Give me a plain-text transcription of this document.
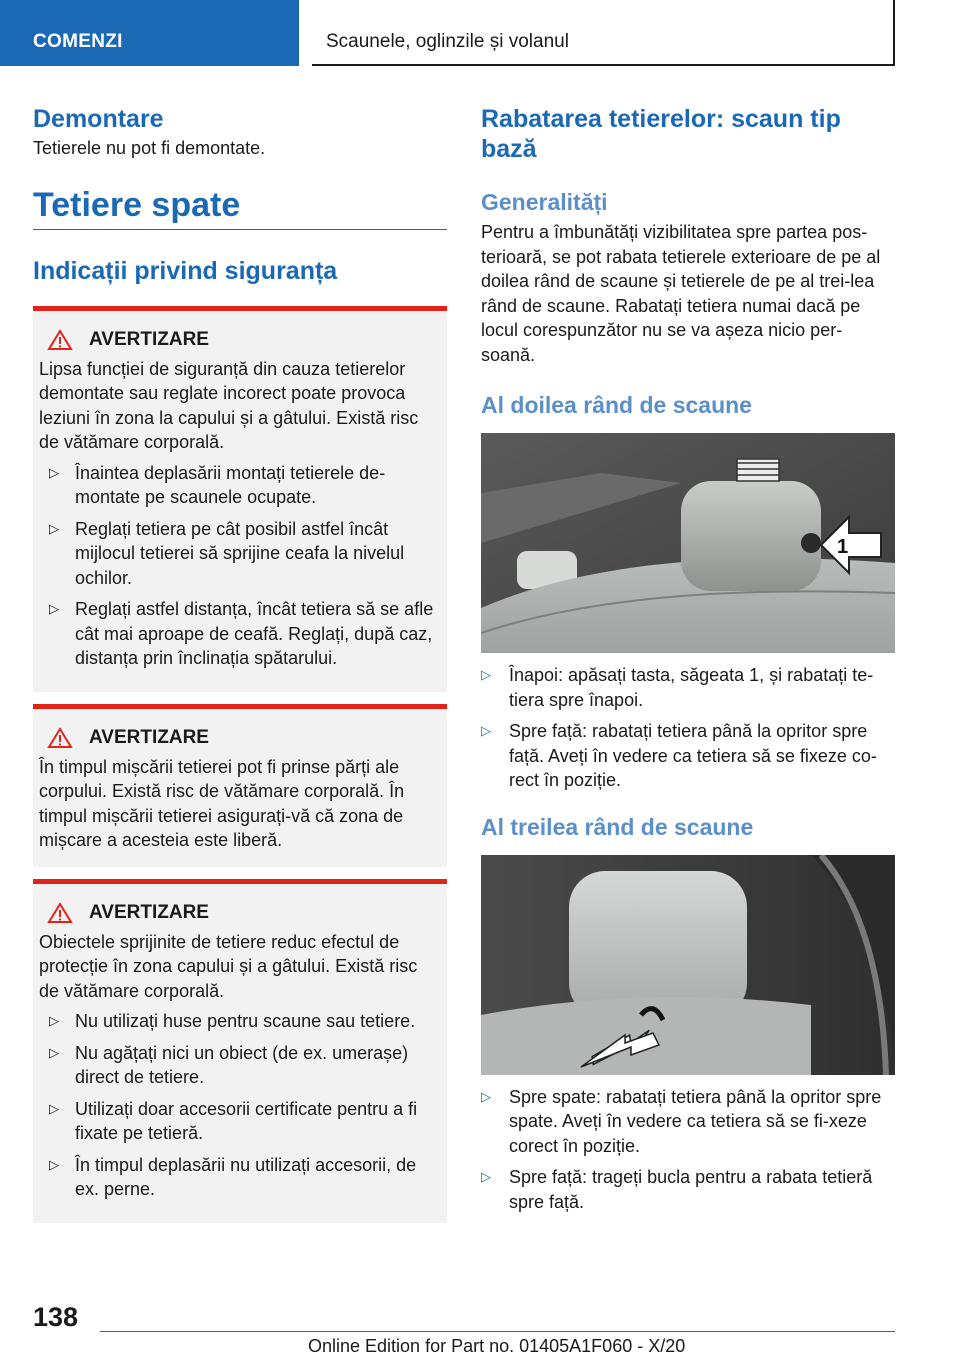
COMENZI	Scaunele, oglinzile și volanul
Demontare

Tetierele nu pot fi demontate.

Tetiere spate
Indicații privind siguranța
AVERTIZARE

Lipsa funcției de siguranță din cauza tetierelor demontate sau reglate incorect poate provoca leziuni în zona la capului și a gâtului. Există risc de vătămare corporală.

▷ Înaintea deplasării montați tetierele de-montate pe scaunele ocupate.
▷ Reglați tetiera pe cât posibil astfel încât mijlocul tetierei să sprijine ceafa la nivelul ochilor.
▷ Reglați astfel distanța, încât tetiera să se afle cât mai aproape de ceafă. Reglați, după caz, distanța prin înclinația spătarului.
AVERTIZARE

În timpul mișcării tetierei pot fi prinse părți ale corpului. Există risc de vătămare corporală. În timpul mișcării tetierei asigurați-vă că zona de mișcare a acesteia este liberă.

AVERTIZARE

Obiectele sprijinite de tetiere reduc efectul de protecție în zona capului și a gâtului. Există risc de vătămare corporală.

▷ Nu utilizați huse pentru scaune sau tetiere.
▷ Nu agățați nici un obiect (de ex. umerașe) direct de tetiere.
▷ Utilizați doar accesorii certificate pentru a fi fixate pe tetieră.
▷ În timpul deplasării nu utilizați accesorii, de ex. perne.
Rabatarea tetierelor: scaun tip bază
Generalități

Pentru a îmbunătăți vizibilitatea spre partea pos-terioară, se pot rabata tetierele exterioare de pe al doilea rând de scaune și tetierele de pe al trei-lea rând de scaune. Rabatați tetiera numai dacă pe locul corespunzător nu se va așeza nicio per-soană.

Al doilea rând de scaune
1
▷ Înapoi: apăsați tasta, săgeata 1, și rabatați te-tiera spre înapoi.
▷ Spre față: rabatați tetiera până la opritor spre față. Aveți în vedere ca tetiera să se fixeze co-rect în poziție.
Al treilea rând de scaune
▷ Spre spate: rabatați tetiera până la opritor spre spate. Aveți în vedere ca tetiera să se fi-xeze corect în poziție.
▷ Spre față: trageți bucla pentru a rabata tetieră spre față.
138
Online Edition for Part no. 01405A1F060 - X/20
